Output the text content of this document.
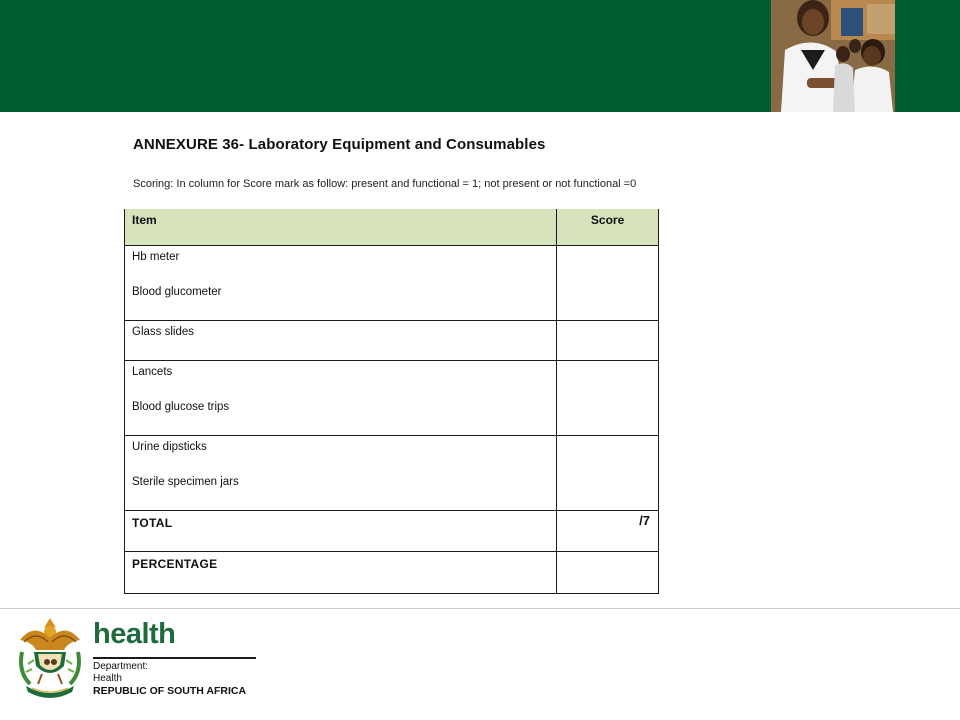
ANNEXURE 36- Laboratory Equipment and Consumables
Scoring: In column for Score mark as follow: present and functional = 1; not present or not functional =0
Item	Score

Hb meter
Blood glucometer	

Glass slides	

Lancets
Blood glucose trips	

Urine dipsticks
Sterile specimen jars	

TOTAL	/7
PERCENTAGE	
health
Department:
Health
REPUBLIC OF SOUTH AFRICA
